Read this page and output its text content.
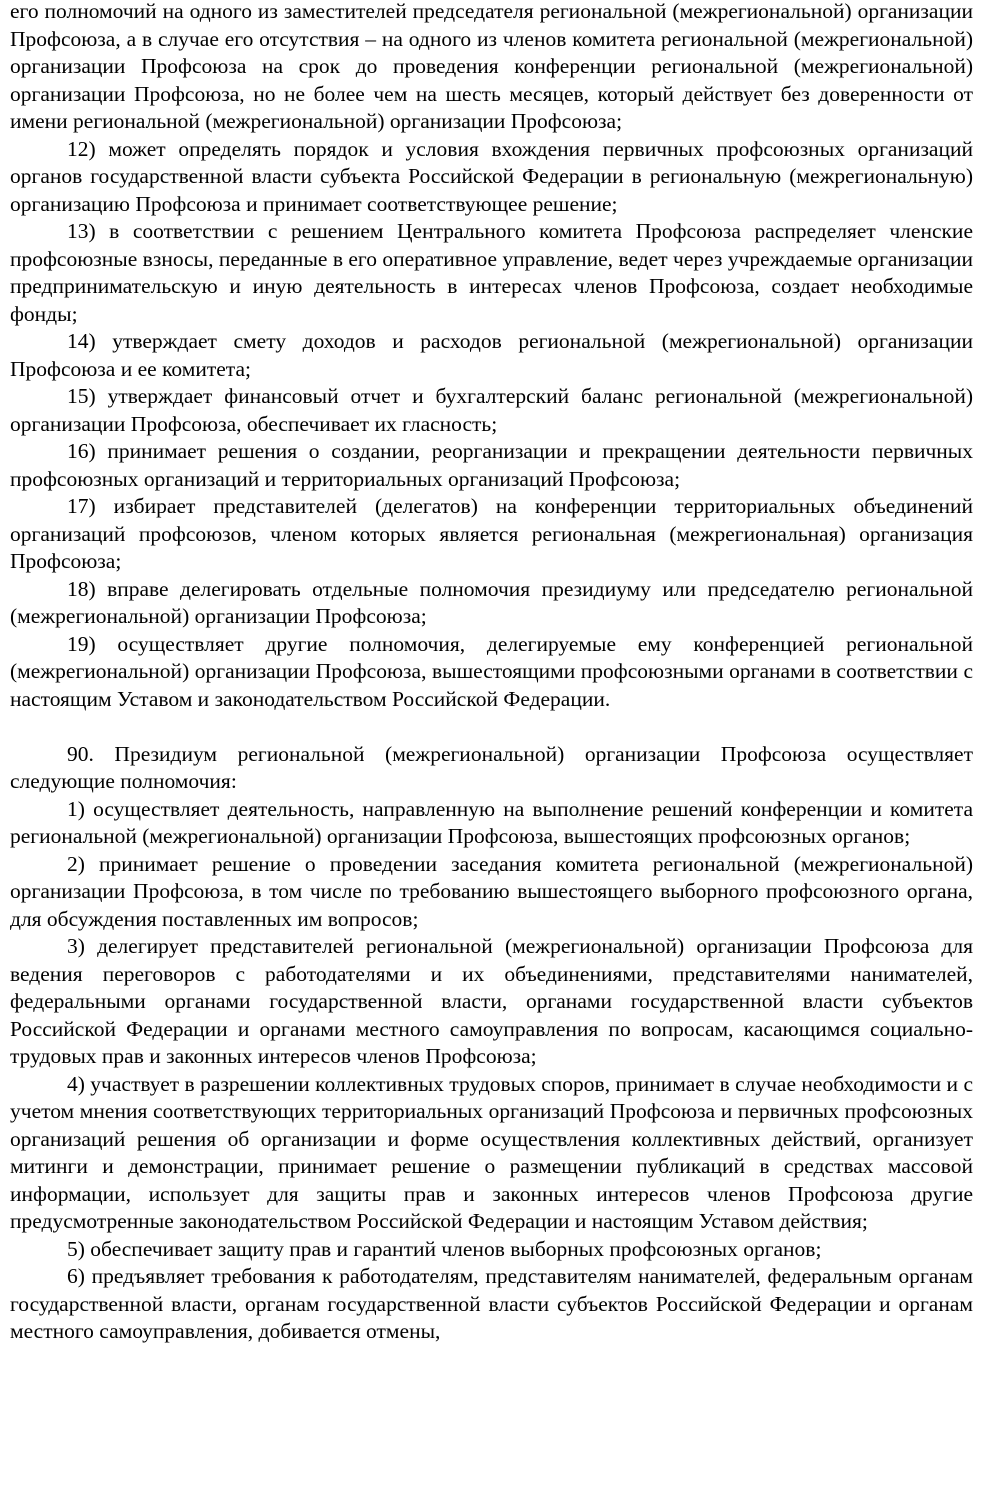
его полномочий на одного из заместителей председателя региональной (межрегиональной) организации Профсоюза, а в случае его отсутствия – на одного из членов комитета региональной (межрегиональной) организации Профсоюза на срок до проведения конференции региональной (межрегиональной) организации Профсоюза, но не более чем на шесть месяцев, который действует без доверенности от имени региональной (межрегиональной) организации Профсоюза;

12) может определять порядок и условия вхождения первичных профсоюзных организаций органов государственной власти субъекта Российской Федерации в региональную (межрегиональную) организацию Профсоюза и принимает соответствующее решение;

13) в соответствии с решением Центрального комитета Профсоюза распределяет членские профсоюзные взносы, переданные в его оперативное управление, ведет через учреждаемые организации предпринимательскую и иную деятельность в интересах членов Профсоюза, создает необходимые фонды;

14) утверждает смету доходов и расходов региональной (межрегиональной) организации Профсоюза и ее комитета;

15) утверждает финансовый отчет и бухгалтерский баланс региональной (межрегиональной) организации Профсоюза, обеспечивает их гласность;

16) принимает решения о создании, реорганизации и прекращении деятельности первичных профсоюзных организаций и территориальных организаций Профсоюза;

17) избирает представителей (делегатов) на конференции территориальных объединений организаций профсоюзов, членом которых является региональная (межрегиональная) организация Профсоюза;

18) вправе делегировать отдельные полномочия президиуму или председателю региональной (межрегиональной) организации Профсоюза;

19) осуществляет другие полномочия, делегируемые ему конференцией региональной (межрегиональной) организации Профсоюза, вышестоящими профсоюзными органами в соответствии с настоящим Уставом и законодательством Российской Федерации.

90. Президиум региональной (межрегиональной) организации Профсоюза осуществляет следующие полномочия:

1) осуществляет деятельность, направленную на выполнение решений конференции и комитета региональной (межрегиональной) организации Профсоюза, вышестоящих профсоюзных органов;

2) принимает решение о проведении заседания комитета региональной (межрегиональной) организации Профсоюза, в том числе по требованию вышестоящего выборного профсоюзного органа, для обсуждения поставленных им вопросов;

3) делегирует представителей региональной (межрегиональной) организации Профсоюза для ведения переговоров с работодателями и их объединениями, представителями нанимателей, федеральными органами государственной власти, органами государственной власти субъектов Российской Федерации и органами местного самоуправления по вопросам, касающимся социально-трудовых прав и законных интересов членов Профсоюза;

4) участвует в разрешении коллективных трудовых споров, принимает в случае необходимости и с учетом мнения соответствующих территориальных организаций Профсоюза и первичных профсоюзных организаций решения об организации и форме осуществления коллективных действий, организует митинги и демонстрации, принимает решение о размещении публикаций в средствах массовой информации, использует для защиты прав и законных интересов членов Профсоюза другие предусмотренные законодательством Российской Федерации и настоящим Уставом действия;

5) обеспечивает защиту прав и гарантий членов выборных профсоюзных органов;

6) предъявляет требования к работодателям, представителям нанимателей, федеральным органам государственной власти, органам государственной власти субъектов Российской Федерации и органам местного самоуправления, добивается отмены,
